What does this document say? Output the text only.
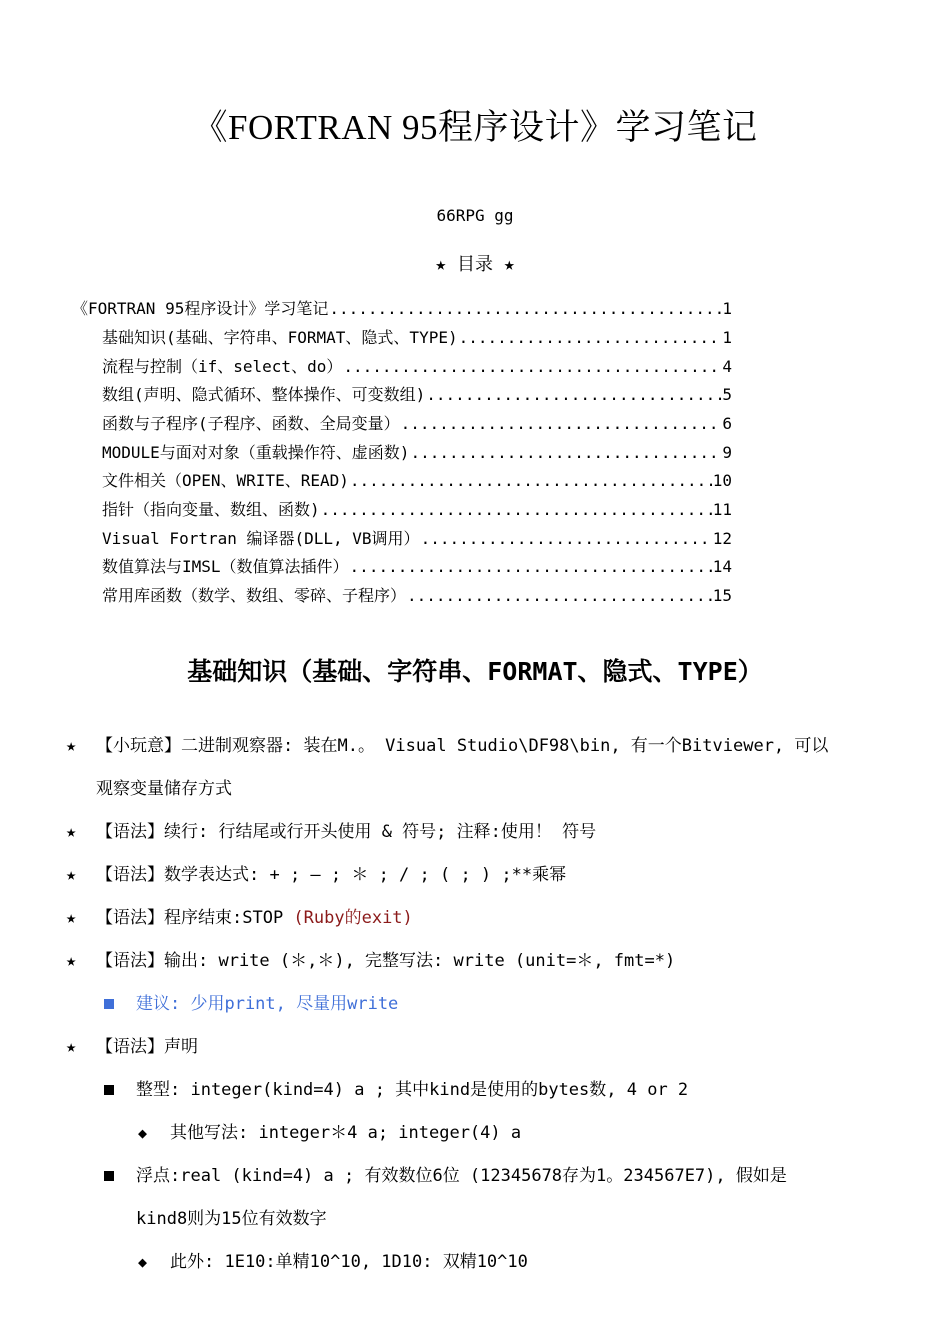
《FORTRAN 95程序设计》学习笔记
66RPG gg
★ 目录 ★
《FORTRAN 95程序设计》学习笔记 .....	1
基础知识(基础、字符串、FORMAT、隐式、TYPE) .....	1
流程与控制（if、select、do） .....	4
数组(声明、隐式循环、整体操作、可变数组) .....	5
函数与子程序(子程序、函数、全局变量） .....	6
MODULE与面对对象（重载操作符、虚函数) .....	9
文件相关（OPEN、WRITE、READ) .....	10
指针（指向变量、数组、函数) .....	11
Visual Fortran 编译器(DLL, VB调用） .....	12
数值算法与IMSL（数值算法插件） .....	14
常用库函数（数学、数组、零碎、子程序） .....	15
基础知识（基础、字符串、FORMAT、隐式、TYPE）
★ 【小玩意】二进制观察器: 装在M.。 Visual Studio\DF98\bin, 有一个Bitviewer, 可以
观察变量储存方式
★ 【语法】续行: 行结尾或行开头使用 & 符号; 注释:使用！ 符号
★ 【语法】数学表达式: + ; — ; ＊ ; / ; ( ; ) ;**乘幂
★ 【语法】程序结束:STOP (Ruby的exit)
★ 【语法】输出: write (＊,＊), 完整写法: write (unit=＊, fmt=*)
建议: 少用print, 尽量用write
★ 【语法】声明
整型: integer(kind=4) a ; 其中kind是使用的bytes数, 4 or 2
◆ 其他写法: integer＊4 a; integer(4) a
浮点:real (kind=4) a ; 有效数位6位 (12345678存为1。234567E7), 假如是
kind8则为15位有效数字
◆ 此外: 1E10:单精10^10, 1D10: 双精10^10
